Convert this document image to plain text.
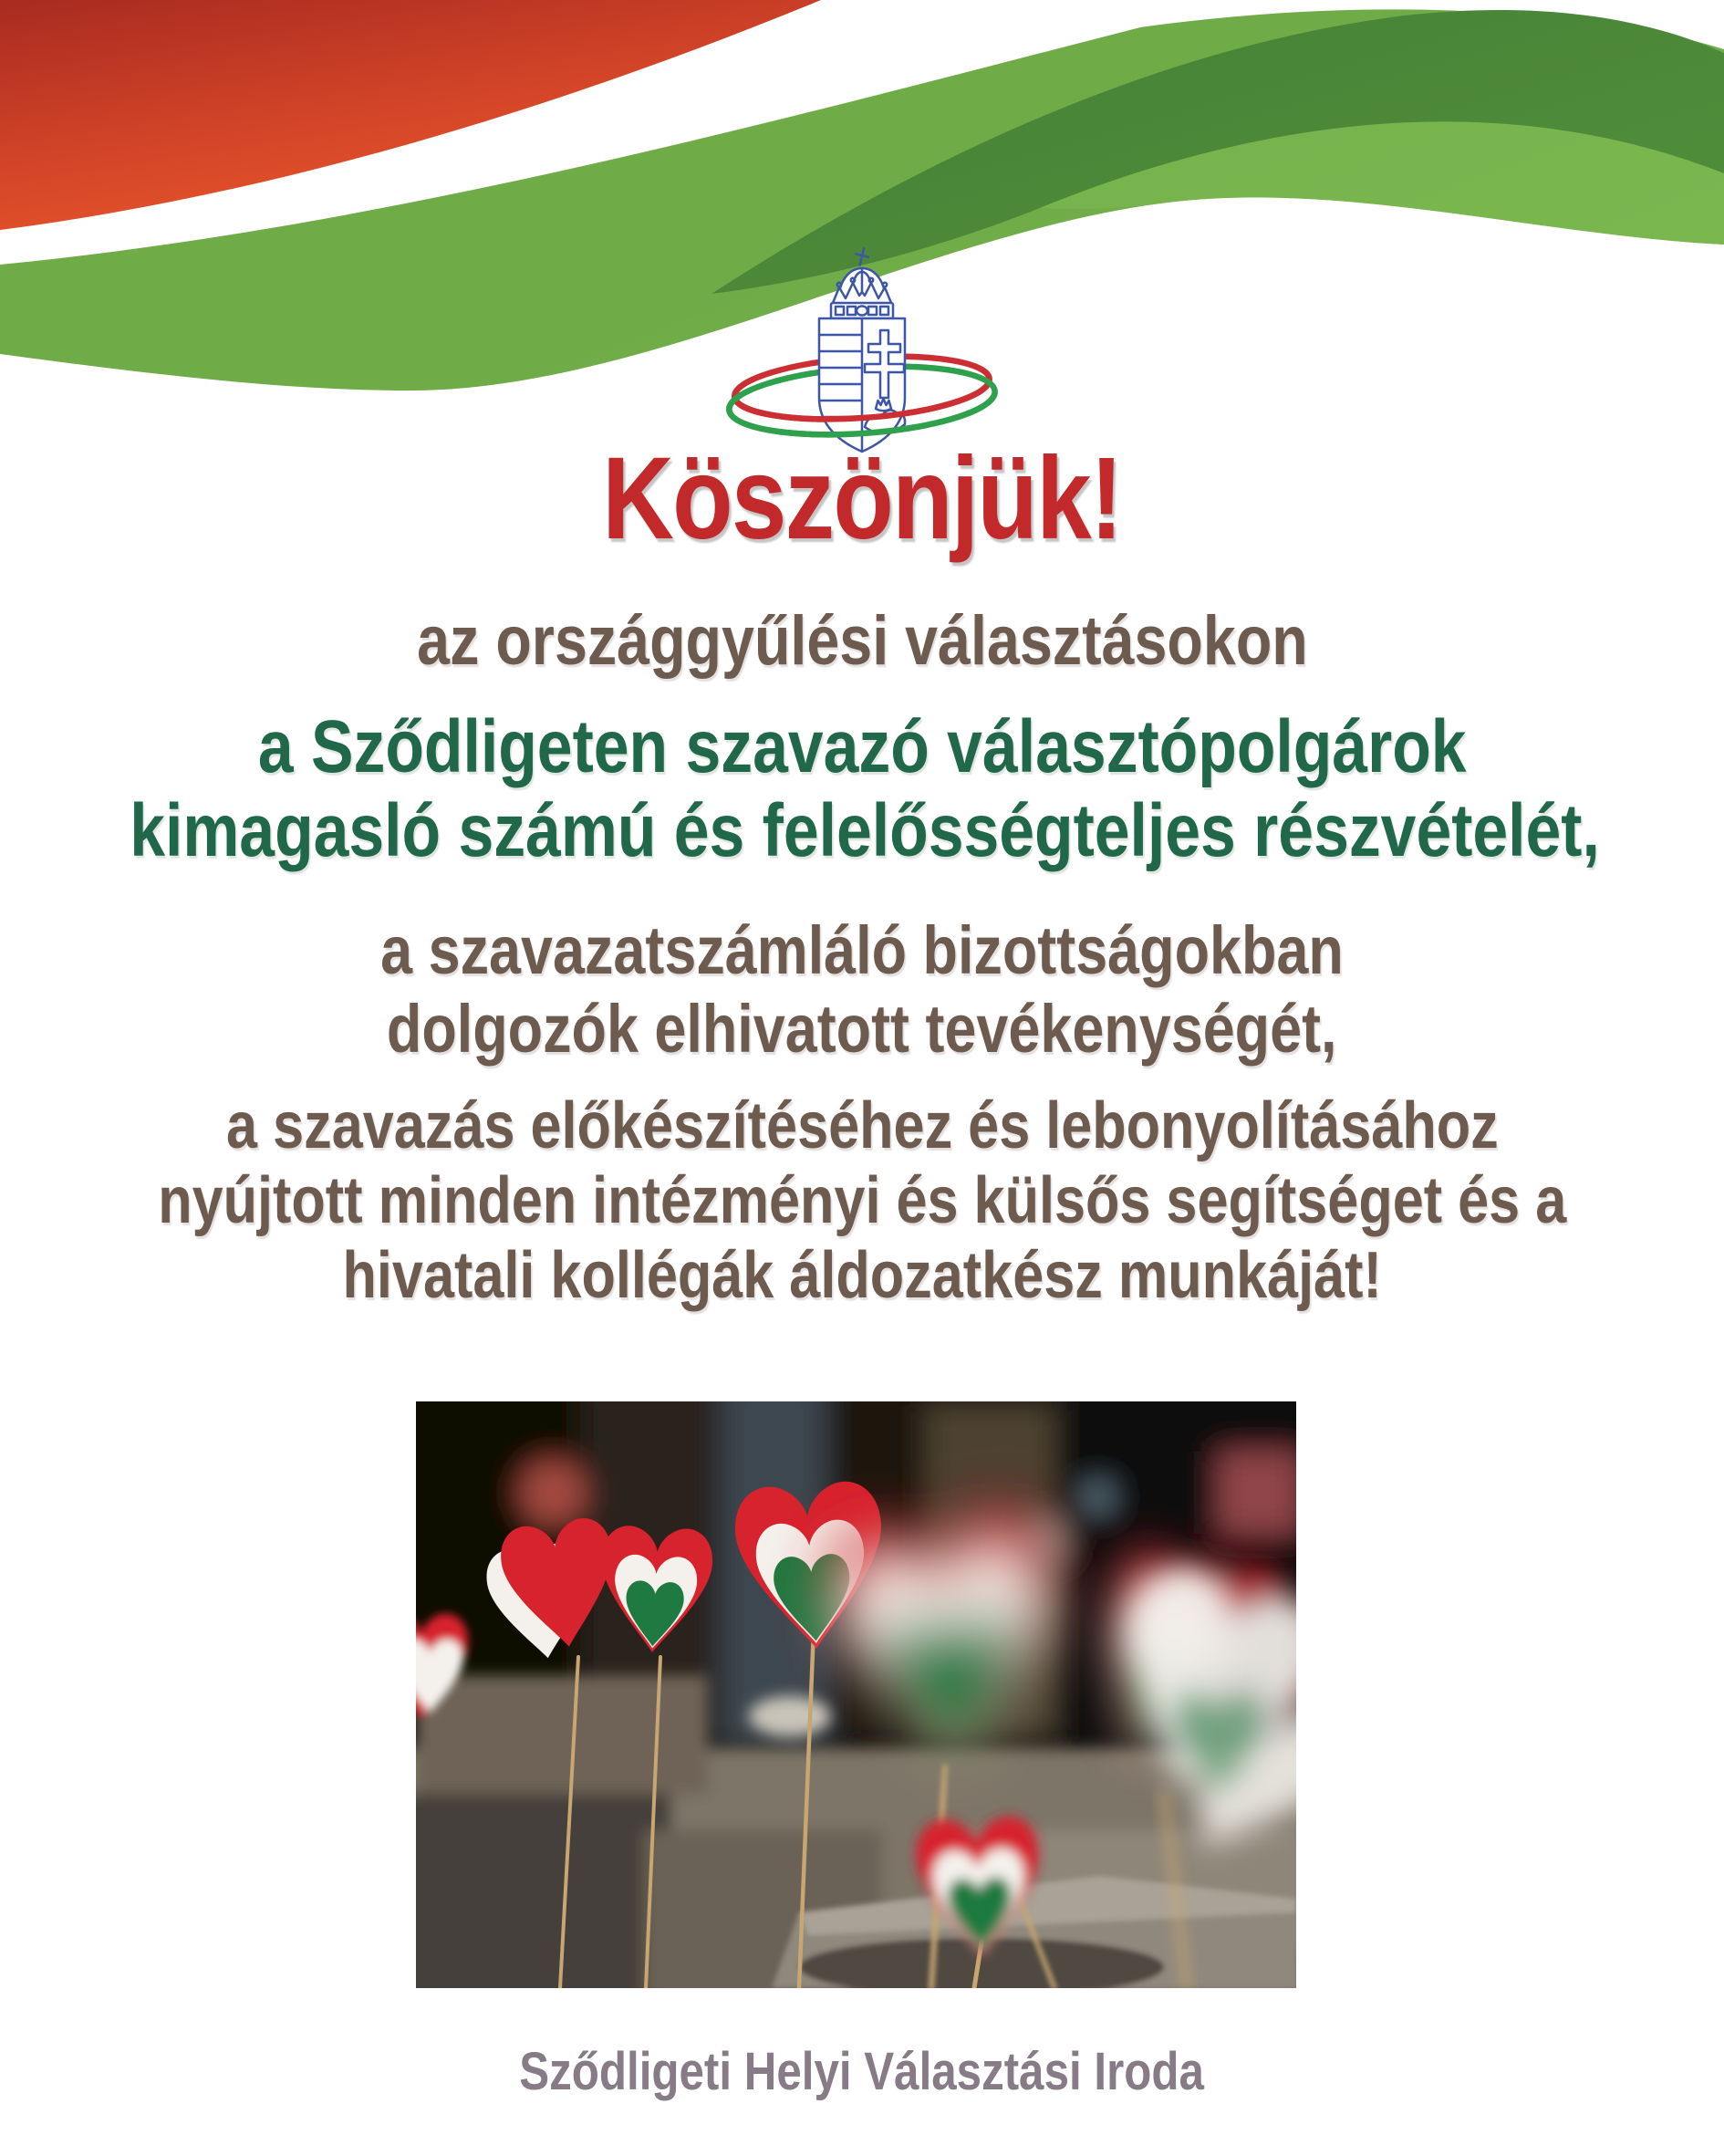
Köszönjük!
az országgyűlési választásokon
a Sződligeten szavazó választópolgárok
kimagasló számú és felelősségteljes részvételét,
a szavazatszámláló bizottságokban
dolgozók elhivatott tevékenységét,
a szavazás előkészítéséhez és lebonyolításához
nyújtott minden intézményi és külsős segítséget és a
hivatali kollégák áldozatkész munkáját!
Sződligeti Helyi Választási Iroda
